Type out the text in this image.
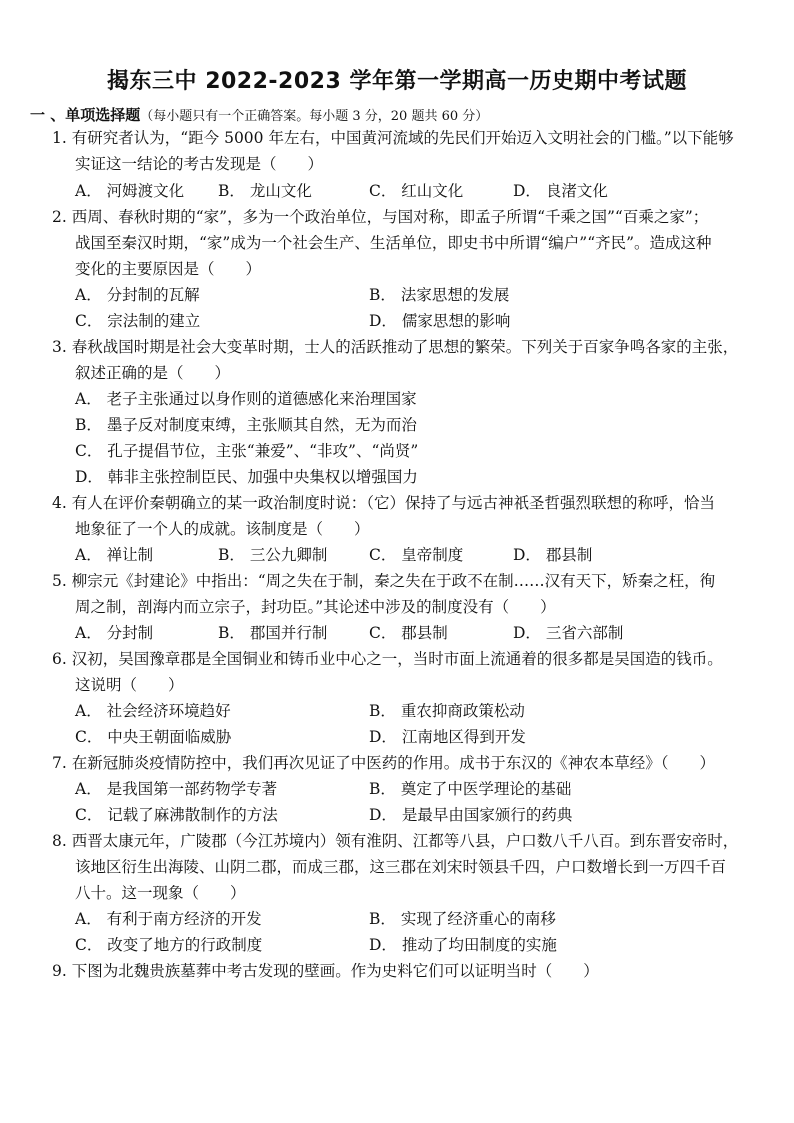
揭东三中 2022-2023 学年第一学期高一历史期中考试题
一 、单项选择题（每小题只有一个正确答案。每小题 3 分，20 题共 60 分）
1. 有研究者认为，“距今 5000 年左右，中国黄河流域的先民们开始迈入文明社会的门槛。”以下能够
实证这一结论的考古发现是（　　）
A． 河姆渡文化 B． 龙山文化	C． 红山文化	D． 良渚文化
2. 西周、春秋时期的“家”，多为一个政治单位，与国对称，即孟子所谓“千乘之国”“百乘之家”；
战国至秦汉时期，“家”成为一个社会生产、生活单位，即史书中所谓“编户”“齐民”。造成这种
变化的主要原因是（　　）
A． 分封制的瓦解	B． 法家思想的发展
C． 宗法制的建立	D． 儒家思想的影响
3. 春秋战国时期是社会大变革时期，士人的活跃推动了思想的繁荣。下列关于百家争鸣各家的主张，
叙述正确的是（　　）
A． 老子主张通过以身作则的道德感化来治理国家
B． 墨子反对制度束缚，主张顺其自然，无为而治
C． 孔子提倡节位，主张“兼爱”、“非攻”、“尚贤”
D． 韩非主张控制臣民、加强中央集权以增强国力
4. 有人在评价秦朝确立的某一政治制度时说：（它）保持了与远古神祇圣哲强烈联想的称呼，恰当
地象征了一个人的成就。该制度是（　　）
A． 禅让制	B． 三公九卿制	C． 皇帝制度	D． 郡县制
5. 柳宗元《封建论》中指出：“周之失在于制，秦之失在于政不在制……汉有天下，矫秦之枉，徇
周之制，剖海内而立宗子，封功臣。”其论述中涉及的制度没有（　　）
A． 分封制	B． 郡国并行制	C． 郡县制	D． 三省六部制
6. 汉初，吴国豫章郡是全国铜业和铸币业中心之一，当时市面上流通着的很多都是吴国造的钱币。
这说明（　　）
A． 社会经济环境趋好	B． 重农抑商政策松动
C． 中央王朝面临威胁	D． 江南地区得到开发
7. 在新冠肺炎疫情防控中，我们再次见证了中医药的作用。成书于东汉的《神农本草经》（　　）
A． 是我国第一部药物学专著	B． 奠定了中医学理论的基础
C． 记载了麻沸散制作的方法	D． 是最早由国家颁行的药典
8. 西晋太康元年，广陵郡（今江苏境内）领有淮阴、江都等八县，户口数八千八百。到东晋安帝时，
该地区衍生出海陵、山阴二郡，而成三郡，这三郡在刘宋时领县千四，户口数增长到一万四千百
八十。这一现象（　　）
A． 有利于南方经济的开发	B． 实现了经济重心的南移
C． 改变了地方的行政制度	D． 推动了均田制度的实施
9. 下图为北魏贵族墓葬中考古发现的壁画。作为史料它们可以证明当时（　　）
